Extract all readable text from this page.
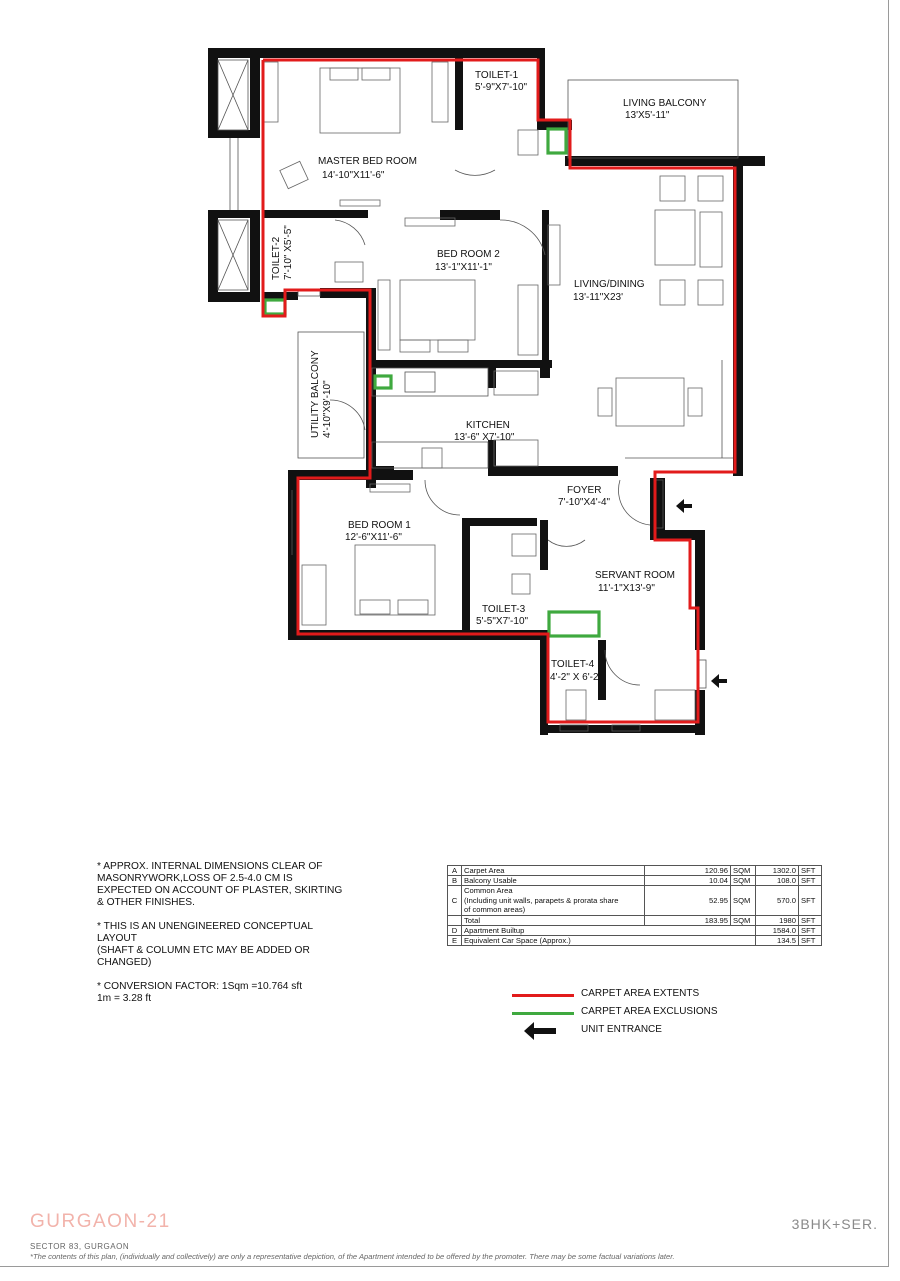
TOILET-1
5'-9"X7'-10"
LIVING BALCONY
13'X5'-11"
MASTER BED ROOM
14'-10"X11'-6"
TOILET-2 7'-10" X5'-5"	BED ROOM 2
13'-1"X11'-1"
LIVING/DINING
13'-11"X23'
UTILITY BALCONY 4'-10"X9'-10"	KITCHEN
13'-6" X7'-10"
FOYER
7'-10"X4'-4"
BED ROOM 1
12'-6"X11'-6"
SERVANT ROOM
11'-1"X13'-9"
TOILET-3
5'-5"X7'-10"
TOILET-4
4'-2" X 6'-2"

* APPROX. INTERNAL DIMENSIONS CLEAR OF MASONRYWORK,LOSS OF 2.5-4.0 CM IS EXPECTED ON ACCOUNT OF PLASTER, SKIRTING & OTHER FINISHES.

* THIS IS AN UNENGINEERED CONCEPTUAL LAYOUT
(SHAFT & COLUMN ETC MAY BE ADDED OR CHANGED)

* CONVERSION FACTOR: 1Sqm =10.764 sft
1m = 3.28 ft

A	Carpet Area	120.96	SQM	1302.0	SFT
B	Balcony Usable	10.04	SQM	108.0	SFT
C	Common Area
(Including unit walls, parapets & prorata share
of common areas)	52.95	SQM	570.0	SFT
	Total	183.95	SQM	1980	SFT
D	Apartment Builtup			1584.0	SFT
E	Equivalent Car Space (Approx.)			134.5	SFT
CARPET AREA EXTENTS
CARPET AREA EXCLUSIONS
UNIT ENTRANCE
GURGAON-21	3BHK+SER.
SECTOR 83, GURGAON
*The contents of this plan, (individually and collectively) are only a representative depiction, of the Apartment intended to be offered by the promoter. There may be some factual variations later.
